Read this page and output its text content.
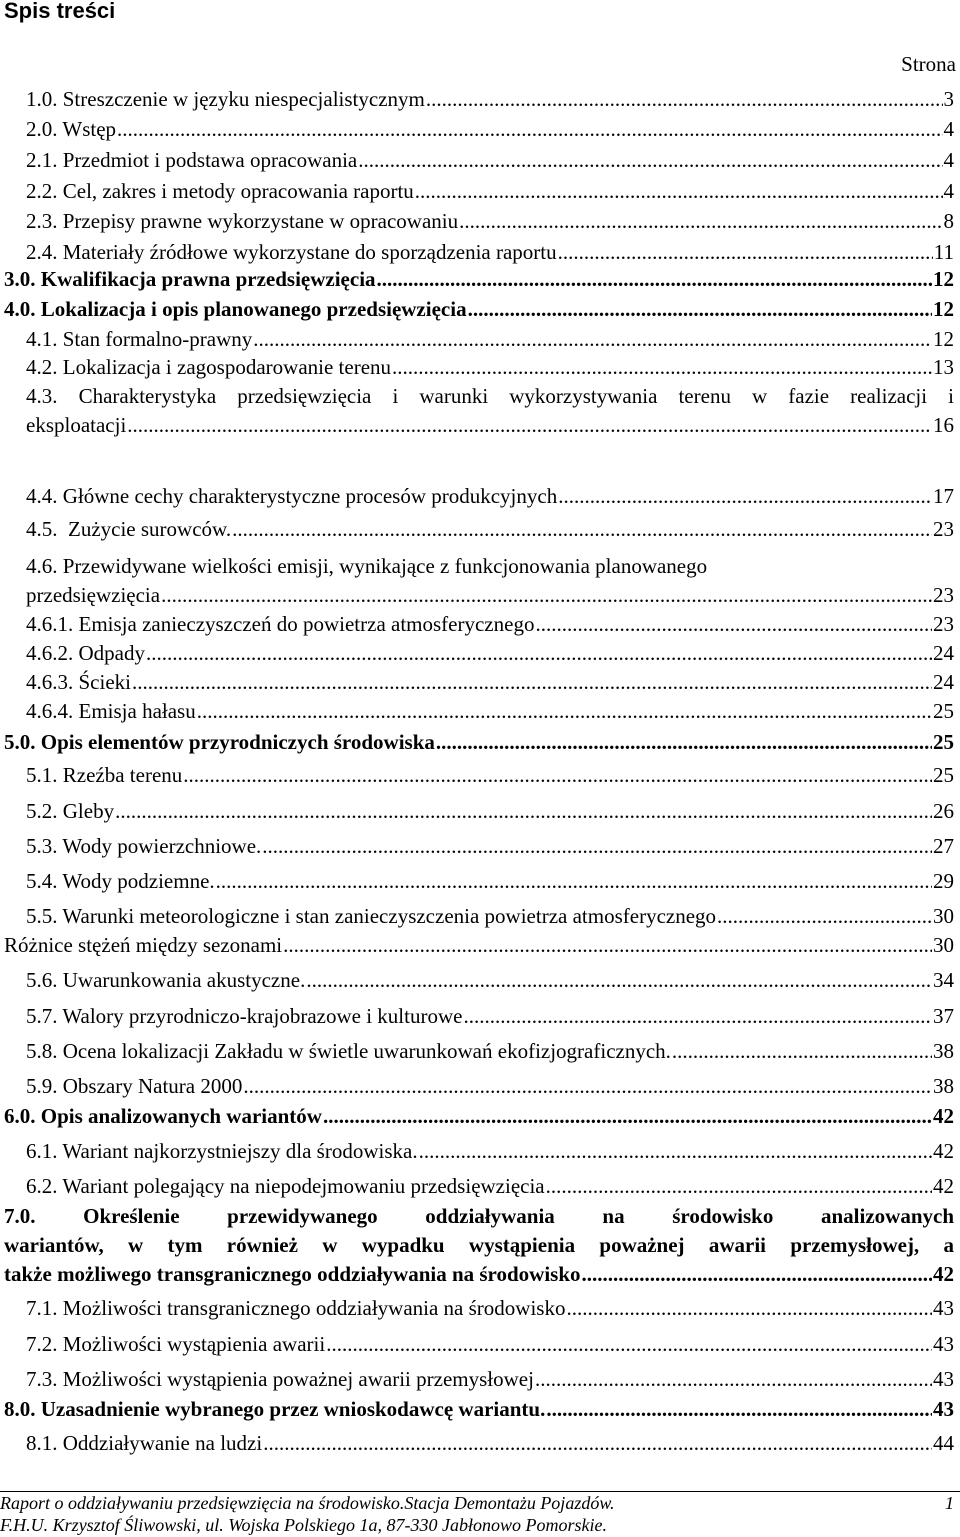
Spis treści
Strona
1.0. Streszczenie w języku niespecjalistycznym .....	3
2.0. Wstęp .....	4
2.1. Przedmiot i podstawa opracowania .....	4
2.2. Cel, zakres i metody opracowania raportu .....	4
2.3. Przepisy prawne wykorzystane w opracowaniu .....	8
2.4. Materiały źródłowe wykorzystane do sporządzenia raportu .....	11
3.0. Kwalifikacja prawna przedsięwzięcia .....	12
4.0. Lokalizacja i opis planowanego przedsięwzięcia .....	12
4.1. Stan formalno-prawny .....	12
4.2. Lokalizacja i zagospodarowanie terenu .....	13
4.3. Charakterystyka przedsięwzięcia i warunki wykorzystywania terenu w fazie realizacji i
eksploatacji .....	16
4.4. Główne cechy charakterystyczne procesów produkcyjnych .....	17
4.5.  Zużycie surowców. .....	23
4.6. Przewidywane wielkości emisji, wynikające z funkcjonowania planowanego
przedsięwzięcia .....	23
4.6.1. Emisja zanieczyszczeń do powietrza atmosferycznego .....	23
4.6.2. Odpady .....	24
4.6.3. Ścieki .....	24
4.6.4. Emisja hałasu .....	25
5.0. Opis elementów przyrodniczych środowiska .....	25
5.1. Rzeźba terenu .....	25
5.2. Gleby .....	26
5.3. Wody powierzchniowe. .....	27
5.4. Wody podziemne. .....	29
5.5. Warunki meteorologiczne i stan zanieczyszczenia powietrza atmosferycznego .....	30
Różnice stężeń między sezonami .....	30
5.6. Uwarunkowania akustyczne. .....	34
5.7. Walory przyrodniczo-krajobrazowe i kulturowe .....	37
5.8. Ocena lokalizacji Zakładu w świetle uwarunkowań ekofizjograficznych. .....	38
5.9. Obszary Natura 2000 .....	38
6.0. Opis analizowanych wariantów .....	42
6.1. Wariant najkorzystniejszy dla środowiska. .....	42
6.2. Wariant polegający na niepodejmowaniu przedsięwzięcia .....	42
7.0. Określenie przewidywanego oddziaływania na środowisko analizowanych
wariantów, w tym również w wypadku wystąpienia poważnej awarii przemysłowej, a
także możliwego transgranicznego oddziaływania na środowisko .....	42
7.1. Możliwości transgranicznego oddziaływania na środowisko .....	43
7.2. Możliwości wystąpienia awarii .....	43
7.3. Możliwości wystąpienia poważnej awarii przemysłowej .....	43
8.0. Uzasadnienie wybranego przez wnioskodawcę wariantu. .....	43
8.1. Oddziaływanie na ludzi .....	44
Raport o oddziaływaniu przedsięwzięcia na środowisko.Stacja Demontażu Pojazdów.	1
F.H.U. Krzysztof Śliwowski, ul. Wojska Polskiego 1a, 87-330 Jabłonowo Pomorskie.
